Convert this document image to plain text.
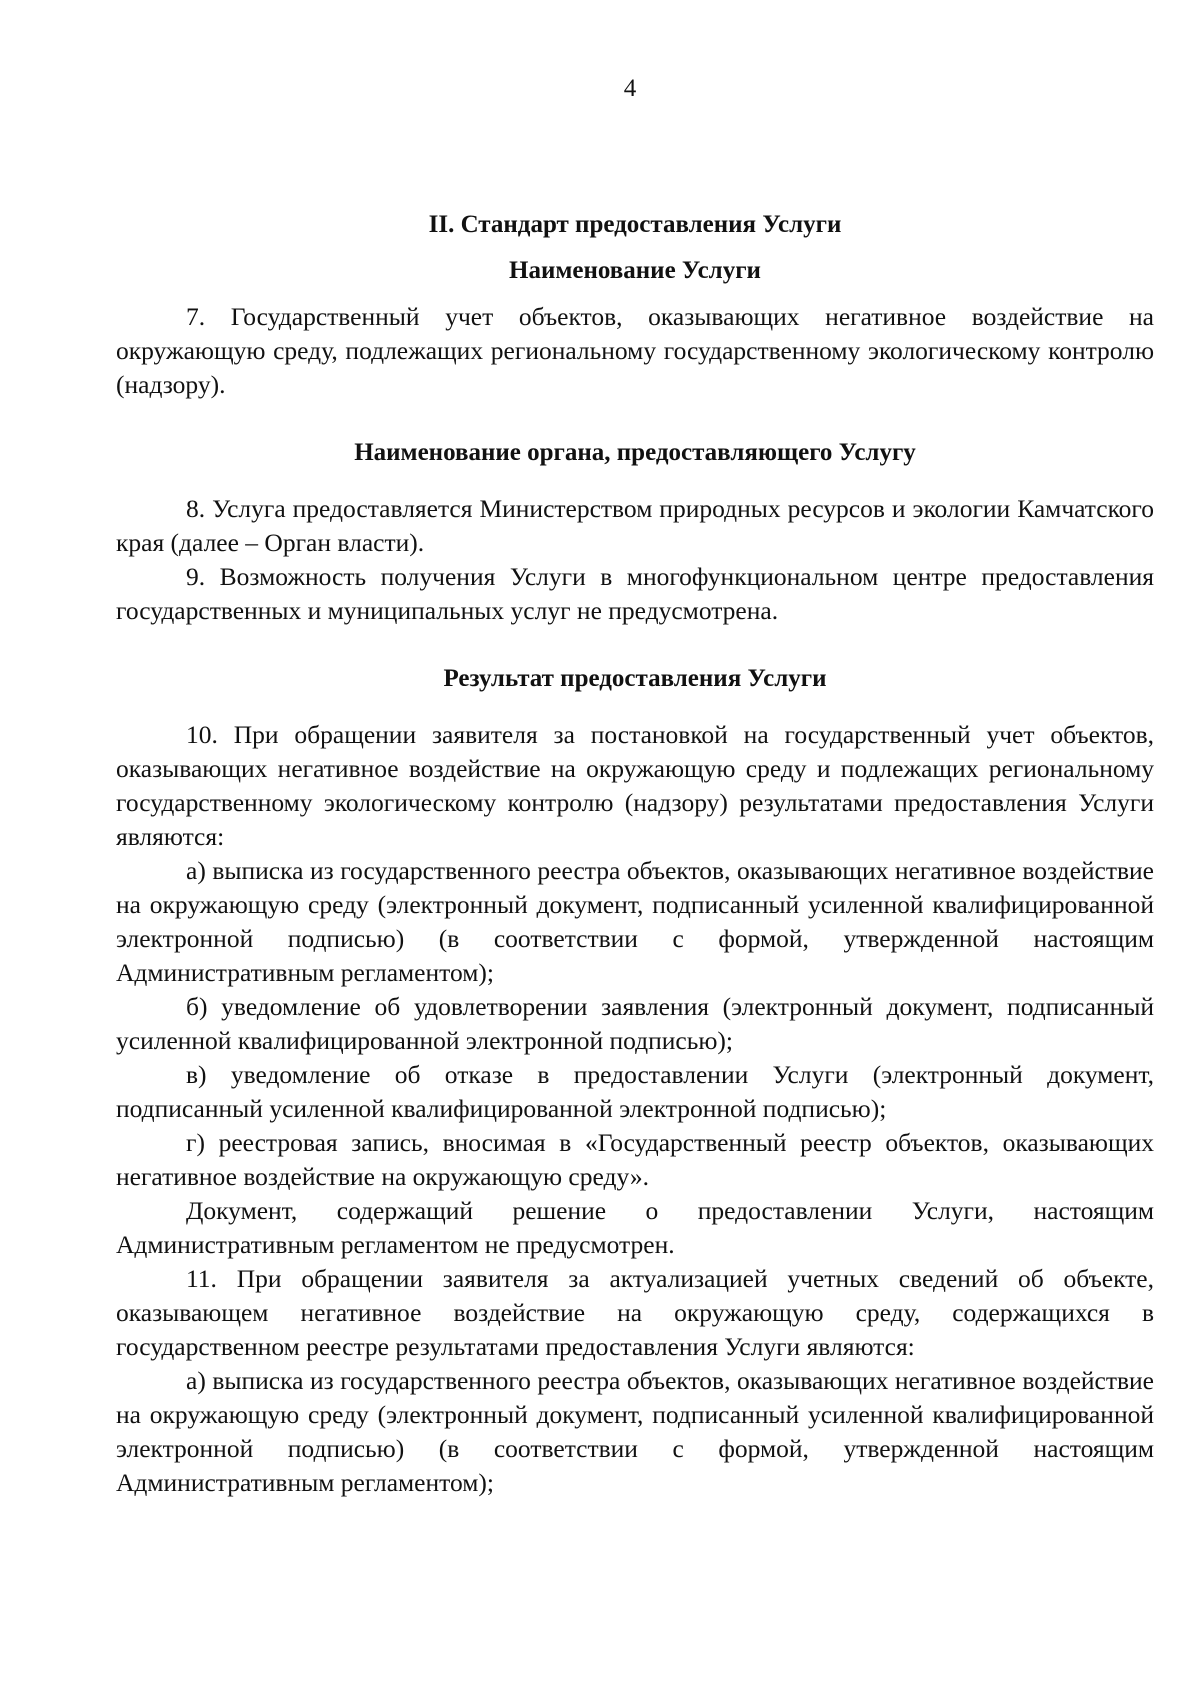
4
II. Стандарт предоставления Услуги
Наименование Услуги

7. Государственный учет объектов, оказывающих негативное воздействие на окружающую среду, подлежащих региональному государственному экологическому контролю (надзору).

Наименование органа, предоставляющего Услугу

8. Услуга предоставляется Министерством природных ресурсов и экологии Камчатского края (далее – Орган власти).

9. Возможность получения Услуги в многофункциональном центре предоставления государственных и муниципальных услуг не предусмотрена.

Результат предоставления Услуги

10. При обращении заявителя за постановкой на государственный учет объектов, оказывающих негативное воздействие на окружающую среду и подлежащих региональному государственному экологическому контролю (надзору) результатами предоставления Услуги являются:

а) выписка из государственного реестра объектов, оказывающих негативное воздействие на окружающую среду (электронный документ, подписанный усиленной квалифицированной электронной подписью) (в соответствии с формой, утвержденной настоящим Административным регламентом);

б) уведомление об удовлетворении заявления (электронный документ, подписанный усиленной квалифицированной электронной подписью);

в) уведомление об отказе в предоставлении Услуги (электронный документ, подписанный усиленной квалифицированной электронной подписью);

г) реестровая запись, вносимая в «Государственный реестр объектов, оказывающих негативное воздействие на окружающую среду».

Документ, содержащий решение о предоставлении Услуги, настоящим Административным регламентом не предусмотрен.

11. При обращении заявителя за актуализацией учетных сведений об объекте, оказывающем негативное воздействие на окружающую среду, содержащихся в государственном реестре результатами предоставления Услуги являются:

а) выписка из государственного реестра объектов, оказывающих негативное воздействие на окружающую среду (электронный документ, подписанный усиленной квалифицированной электронной подписью) (в соответствии с формой, утвержденной настоящим Административным регламентом);
